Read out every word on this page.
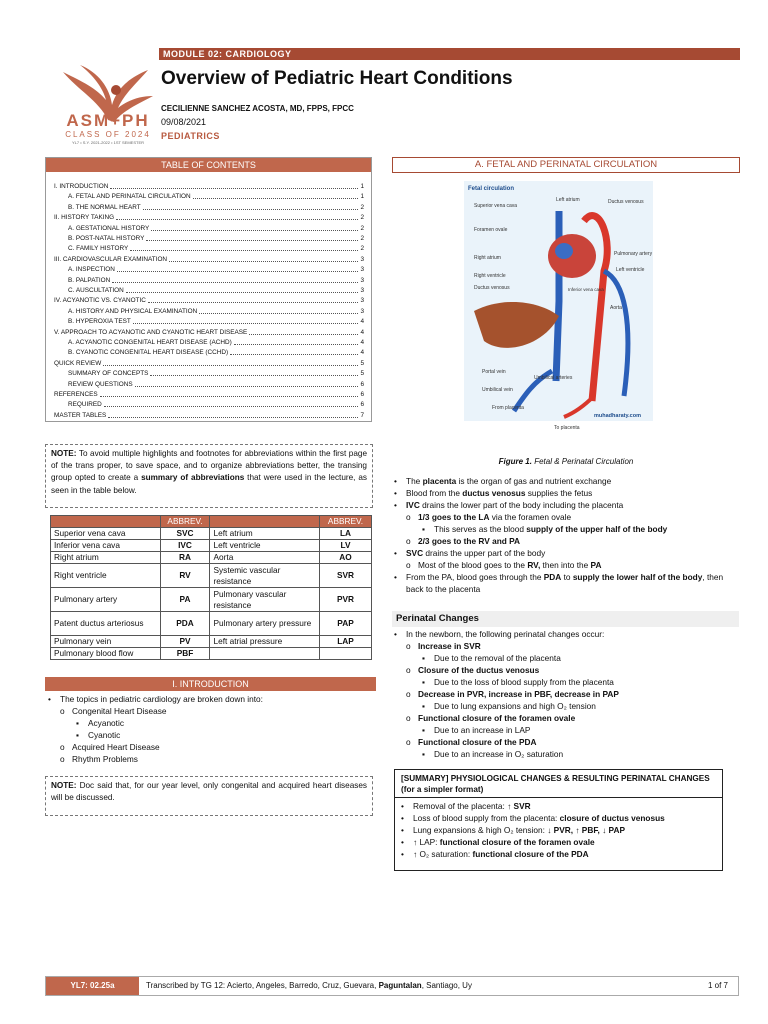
ASM+PH
CLASS OF 2024
YL7 • S.Y. 2021-2022 • 1ST SEMESTER
MODULE 02: CARDIOLOGY
Overview of Pediatric Heart Conditions
CECILIENNE SANCHEZ ACOSTA, MD, FPPS, FPCC
09/08/2021
PEDIATRICS
TABLE OF CONTENTS
I. INTRODUCTION	1
A. FETAL AND PERINATAL CIRCULATION	1
B. THE NORMAL HEART	2
II. HISTORY TAKING	2
A. GESTATIONAL HISTORY	2
B. POST-NATAL HISTORY	2
C. FAMILY HISTORY	2
III. CARDIOVASCULAR EXAMINATION	3
A. INSPECTION	3
B. PALPATION	3
C. AUSCULTATION	3
IV. ACYANOTIC VS. CYANOTIC	3
A. HISTORY AND PHYSICAL EXAMINATION	3
B. HYPEROXIA TEST	4
V. APPROACH TO ACYANOTIC AND CYANOTIC HEART DISEASE	4
A. ACYANOTIC CONGENITAL HEART DISEASE (ACHD)	4
B. CYANOTIC CONGENITAL HEART DISEASE (CCHD)	4
QUICK REVIEW	5
SUMMARY OF CONCEPTS	5
REVIEW QUESTIONS	6
REFERENCES	6
REQUIRED	6
MASTER TABLES	7
NOTE: To avoid multiple highlights and footnotes for abbreviations within the first page of the trans proper, to save space, and to organize abbreviations better, the transing group opted to create a summary of abbreviations that were used in the lecture, as seen in the table below.
	ABBREV.		ABBREV.
Superior vena cava	SVC	Left atrium	LA
Inferior vena cava	IVC	Left ventricle	LV
Right atrium	RA	Aorta	AO
Right ventricle	RV	Systemic vascular resistance	SVR
Pulmonary artery	PA	Pulmonary vascular resistance	PVR
Patent ductus arteriosus	PDA	Pulmonary artery pressure	PAP
Pulmonary vein	PV	Left atrial pressure	LAP
Pulmonary blood flow	PBF		
I. INTRODUCTION
•	The topics in pediatric cardiology are broken down into:
o Congenital Heart Disease
▪	Acyanotic
▪	Cyanotic
o Acquired Heart Disease
o Rhythm Problems
NOTE: Doc said that, for our year level, only congenital and acquired heart diseases will be discussed.
A. FETAL AND PERINATAL CIRCULATION
Fetal circulation
Superior vena cava
Foramen ovale
Right atrium
Right ventricle
Ductus venosus
Left atrium	Ductus venosus
Pulmonary artery
Left ventricle
Inferior vena cava
Aorta
Portal vein
Umbilical vein
Umbilical arteries
From placenta
To placenta
muhadharaty.com
Figure 1. Fetal & Perinatal Circulation
•	The placenta is the organ of gas and nutrient exchange
•	Blood from the ductus venosus supplies the fetus
•	IVC drains the lower part of the body including the placenta
o 1/3 goes to the LA via the foramen ovale
▪	This serves as the blood supply of the upper half of the body
o 2/3 goes to the RV and PA
•	SVC drains the upper part of the body
o Most of the blood goes to the RV, then into the PA
•	From the PA, blood goes through the PDA to supply the lower half of the body, then back to the placenta
Perinatal Changes
•	In the newborn, the following perinatal changes occur:
o Increase in SVR
▪	Due to the removal of the placenta
o Closure of the ductus venosus
▪	Due to the loss of blood supply from the placenta
o Decrease in PVR, increase in PBF, decrease in PAP
▪	Due to lung expansions and high O₂ tension
o Functional closure of the foramen ovale
▪	Due to an increase in LAP
o Functional closure of the PDA
▪	Due to an increase in O₂ saturation
[SUMMARY] PHYSIOLOGICAL CHANGES & RESULTING PERINATAL CHANGES (for a simpler format)
•	Removal of the placenta: ↑ SVR
•	Loss of blood supply from the placenta: closure of ductus venosus
•	Lung expansions & high O₂ tension: ↓ PVR, ↑ PBF, ↓ PAP
•	↑ LAP: functional closure of the foramen ovale
•	↑ O₂ saturation: functional closure of the PDA
YL7: 02.25a	Transcribed by TG 12: Acierto, Angeles, Barredo, Cruz, Guevara, Paguntalan, Santiago, Uy	1 of 7
